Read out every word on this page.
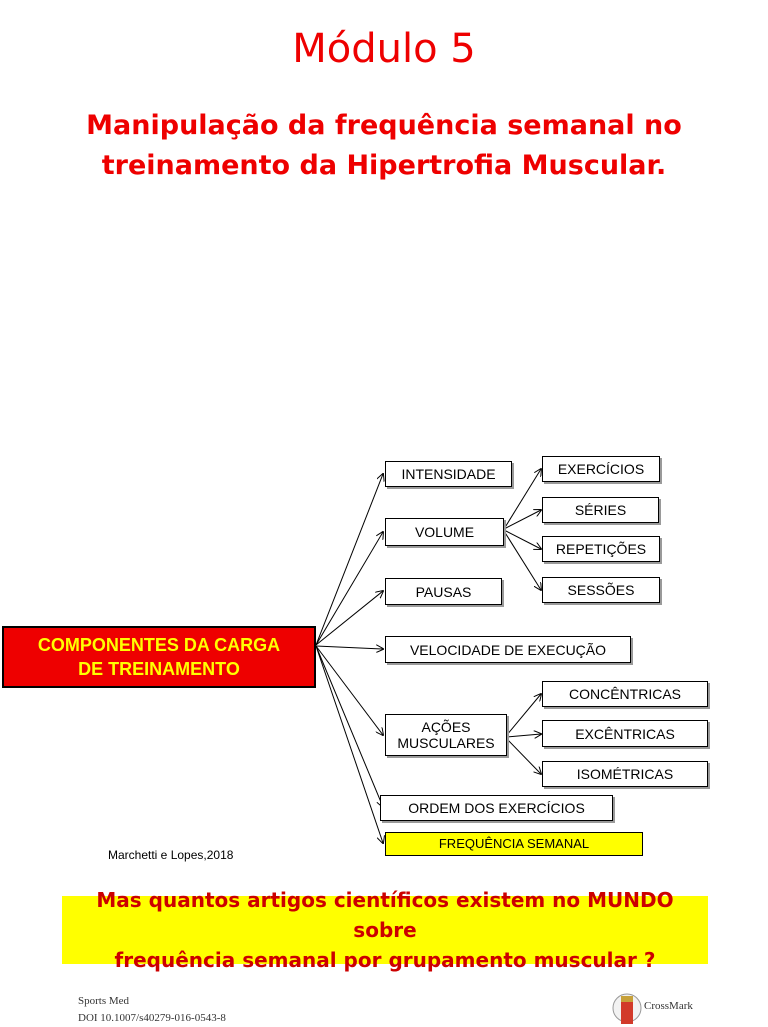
Módulo 5
Manipulação da frequência semanal no
treinamento da Hipertrofia Muscular.
COMPONENTES DA CARGA
DE TREINAMENTO
INTENSIDADE
VOLUME
PAUSAS
VELOCIDADE DE EXECUÇÃO
AÇÕES
MUSCULARES
ORDEM DOS EXERCÍCIOS
FREQUÊNCIA SEMANAL
EXERCÍCIOS
SÉRIES
REPETIÇÕES
SESSÕES
CONCÊNTRICAS
EXCÊNTRICAS
ISOMÉTRICAS
Marchetti e Lopes,2018
Mas quantos artigos científicos existem no MUNDO sobre
frequência semanal por grupamento muscular ?
Sports Med
DOI 10.1007/s40279-016-0543-8
CrossMark
